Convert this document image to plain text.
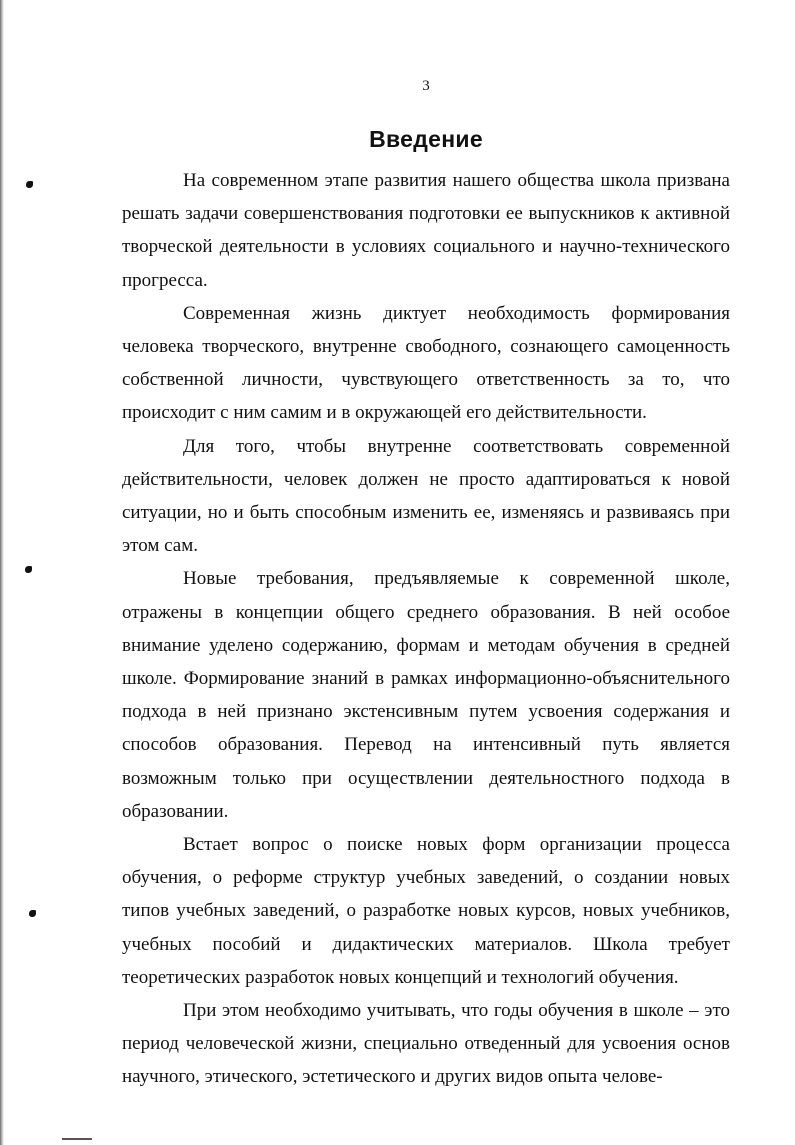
3
Введение

На современном этапе развития нашего общества школа призвана решать задачи совершенствования подготовки ее выпускников к активной творческой деятельности в условиях социального и научно-технического прогресса.

Современная жизнь диктует необходимость формирования человека творческого, внутренне свободного, сознающего самоценность собственной личности, чувствующего ответственность за то, что происходит с ним самим и в окружающей его действительности.

Для того, чтобы внутренне соответствовать современной действительности, человек должен не просто адаптироваться к новой ситуации, но и быть способным изменить ее, изменяясь и развиваясь при этом сам.

Новые требования, предъявляемые к современной школе, отражены в концепции общего среднего образования. В ней особое внимание уделено содержанию, формам и методам обучения в средней школе. Формирование знаний в рамках информационно-объяснительного подхода в ней признано экстенсивным путем усвоения содержания и способов образования. Перевод на интенсивный путь является возможным только при осуществлении деятельностного подхода в образовании.

Встает вопрос о поиске новых форм организации процесса обучения, о реформе структур учебных заведений, о создании новых типов учебных заведений, о разработке новых курсов, новых учебников, учебных пособий и дидактических материалов. Школа требует теоретических разработок новых концепций и технологий обучения.

При этом необходимо учитывать, что годы обучения в школе – это период человеческой жизни, специально отведенный для усвоения основ научного, этического, эстетического и других видов опыта челове-
